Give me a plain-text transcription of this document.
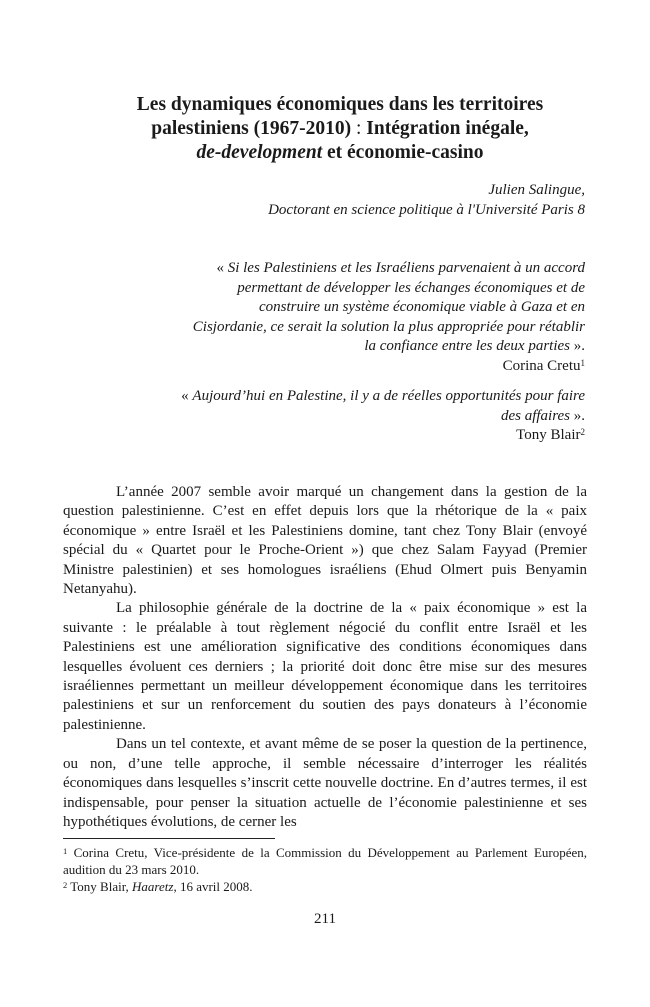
Les dynamiques économiques dans les territoires
palestiniens (1967-2010) : Intégration inégale,
de-development et économie-casino
Julien Salingue,
Doctorant en science politique à l'Université Paris 8
« Si les Palestiniens et les Israéliens parvenaient à un accord
permettant de développer les échanges économiques et de
construire un système économique viable à Gaza et en
Cisjordanie, ce serait la solution la plus appropriée pour rétablir
la confiance entre les deux parties ».
Corina Cretu$^1$
« Aujourd’hui en Palestine, il y a de réelles opportunités pour faire
des affaires ».
Tony Blair$^2$

L’année 2007 semble avoir marqué un changement dans la gestion de la question palestinienne. C’est en effet depuis lors que la rhétorique de la « paix économique » entre Israël et les Palestiniens domine, tant chez Tony Blair (envoyé spécial du « Quartet pour le Proche-Orient ») que chez Salam Fayyad (Premier Ministre palestinien) et ses homologues israéliens (Ehud Olmert puis Benyamin Netanyahu).

La philosophie générale de la doctrine de la « paix économique » est la suivante : le préalable à tout règlement négocié du conflit entre Israël et les Palestiniens est une amélioration significative des conditions économiques dans lesquelles évoluent ces derniers ; la priorité doit donc être mise sur des mesures israéliennes permettant un meilleur développement économique dans les territoires palestiniens et sur un renforcement du soutien des pays donateurs à l’économie palestinienne.

Dans un tel contexte, et avant même de se poser la question de la pertinence, ou non, d’une telle approche, il semble nécessaire d’interroger les réalités économiques dans lesquelles s’inscrit cette nouvelle doctrine. En d’autres termes, il est indispensable, pour penser la situation actuelle de l’économie palestinienne et ses hypothétiques évolutions, de cerner les

$^1$ Corina Cretu, Vice-présidente de la Commission du Développement au Parlement Européen, audition du 23 mars 2010.

$^2$ Tony Blair, Haaretz, 16 avril 2008.

211
